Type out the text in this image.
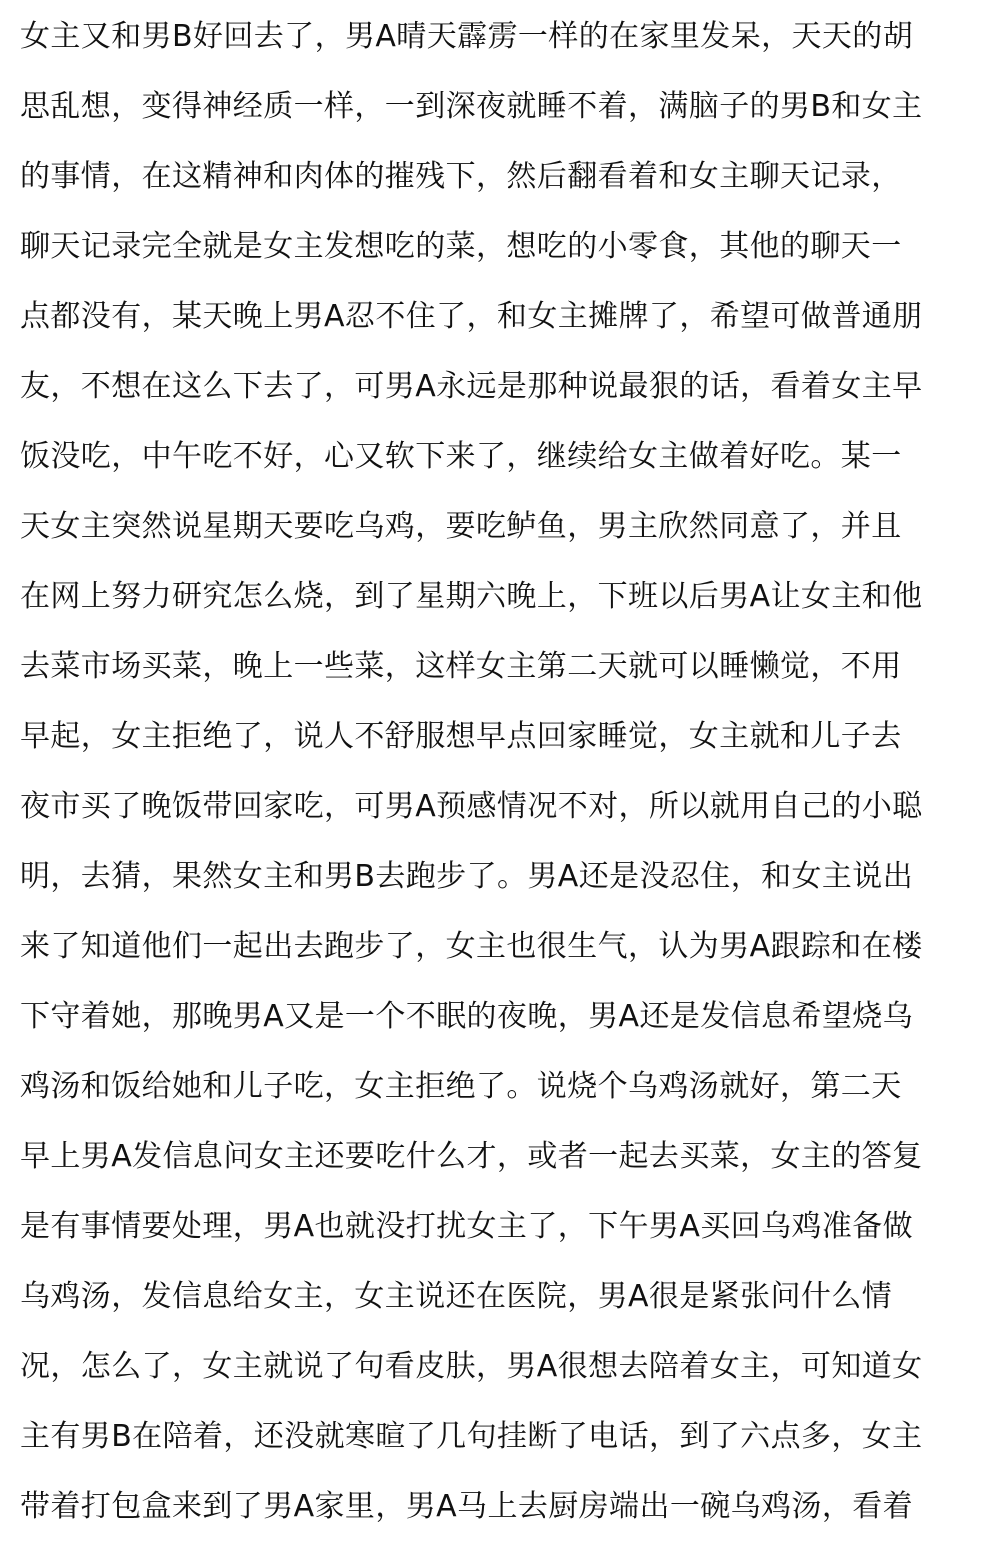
女主又和男B好回去了，男A晴天霹雳一样的在家里发呆，天天的胡
思乱想，变得神经质一样，一到深夜就睡不着，满脑子的男B和女主
的事情，在这精神和肉体的摧残下，然后翻看着和女主聊天记录，
聊天记录完全就是女主发想吃的菜，想吃的小零食，其他的聊天一
点都没有，某天晚上男A忍不住了，和女主摊牌了，希望可做普通朋
友，不想在这么下去了，可男A永远是那种说最狠的话，看着女主早
饭没吃，中午吃不好，心又软下来了，继续给女主做着好吃。某一
天女主突然说星期天要吃乌鸡，要吃鲈鱼，男主欣然同意了，并且
在网上努力研究怎么烧，到了星期六晚上，下班以后男A让女主和他
去菜市场买菜，晚上一些菜，这样女主第二天就可以睡懒觉，不用
早起，女主拒绝了，说人不舒服想早点回家睡觉，女主就和儿子去
夜市买了晚饭带回家吃，可男A预感情况不对，所以就用自己的小聪
明，去猜，果然女主和男B去跑步了。男A还是没忍住，和女主说出
来了知道他们一起出去跑步了，女主也很生气，认为男A跟踪和在楼
下守着她，那晚男A又是一个不眠的夜晚，男A还是发信息希望烧乌
鸡汤和饭给她和儿子吃，女主拒绝了。说烧个乌鸡汤就好，第二天
早上男A发信息问女主还要吃什么才，或者一起去买菜，女主的答复
是有事情要处理，男A也就没打扰女主了，下午男A买回乌鸡准备做
乌鸡汤，发信息给女主，女主说还在医院，男A很是紧张问什么情
况，怎么了，女主就说了句看皮肤，男A很想去陪着女主，可知道女
主有男B在陪着，还没就寒暄了几句挂断了电话，到了六点多，女主
带着打包盒来到了男A家里，男A马上去厨房端出一碗乌鸡汤，看着
